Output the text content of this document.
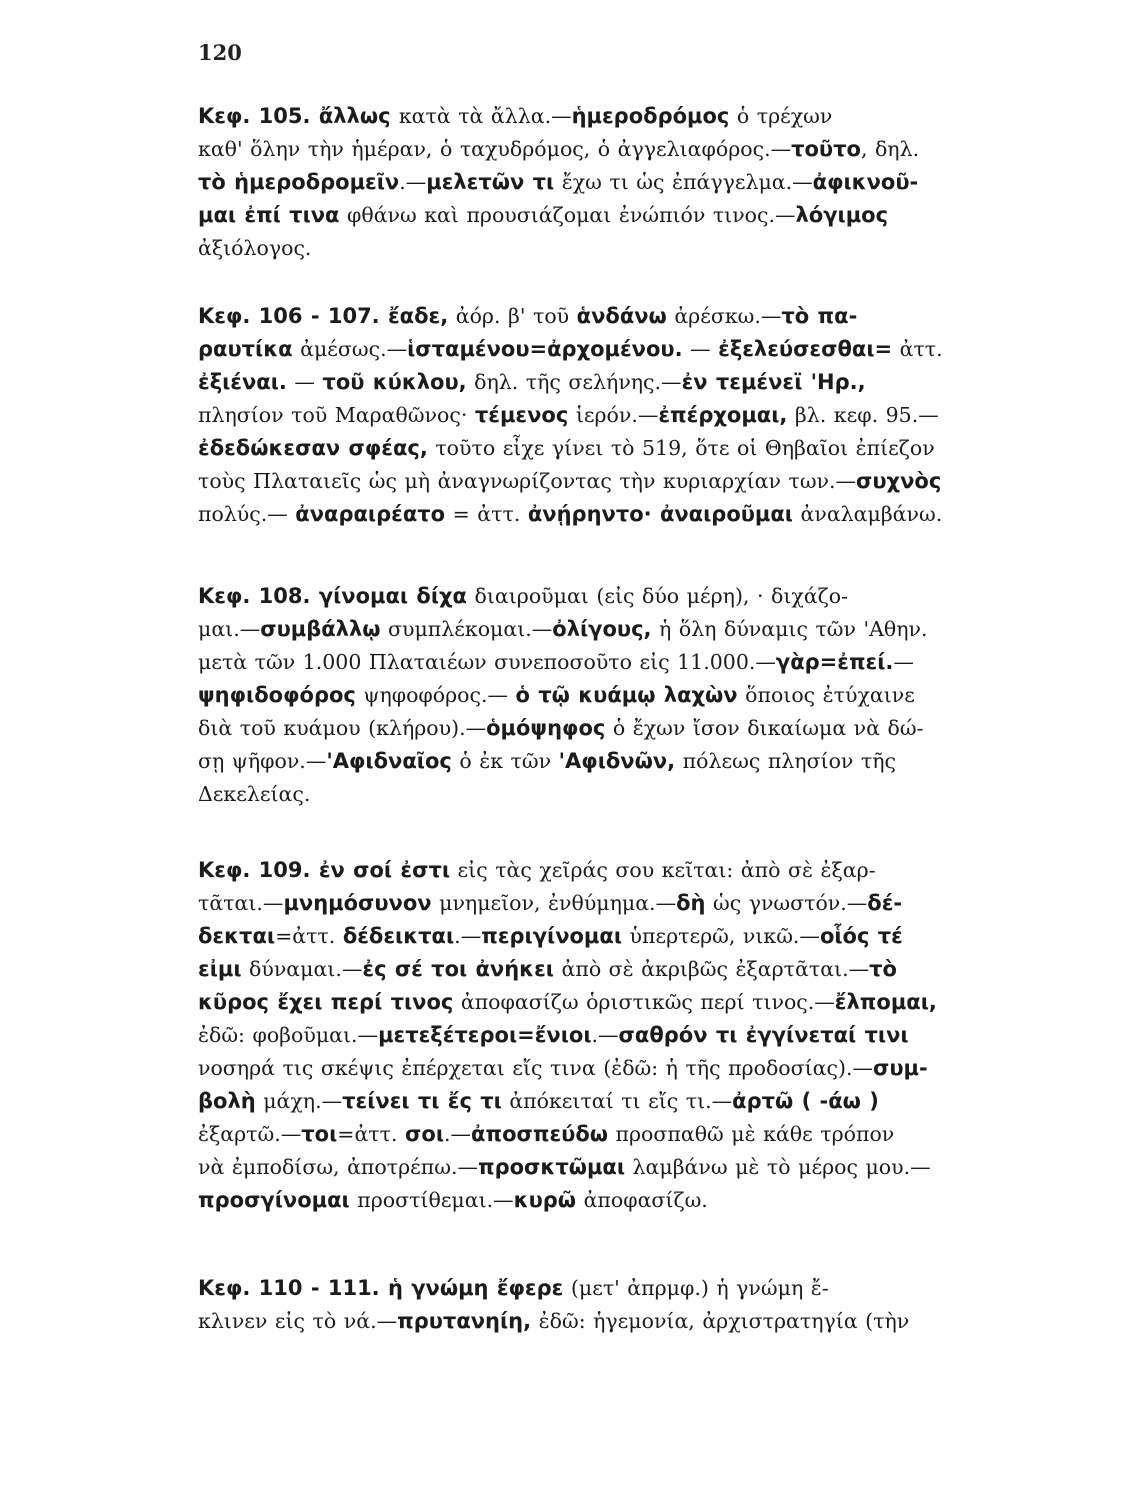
120
Κεφ. 105. ἄλλως κατὰ τὰ ἄλλα.—ἡμεροδρόμος ὁ τρέχων
καθ' ὅλην τὴν ἡμέραν, ὁ ταχυδρόμος, ὁ ἀγγελιαφόρος.—τοῦτο, δηλ.
τὸ ἡμεροδρομεῖν.—μελετῶν τι ἔχω τι ὡς ἐπάγγελμα.—ἀφικνοῦ-
μαι ἐπί τινα φθάνω καὶ προυσιάζομαι ἐνώπιόν τινος.—λόγιμος
ἀξιόλογος.
Κεφ. 106 - 107. ἔαδε, ἀόρ. β' τοῦ ἁνδάνω ἀρέσκω.—τὸ πα-
ραυτίκα ἀμέσως.—ἱσταμένου=ἀρχομένου. — ἐξελεύσεσθαι= ἀττ.
ἐξιέναι. — τοῦ κύκλου, δηλ. τῆς σελήνης.—ἐν τεμένεϊ 'Ηρ.,
πλησίον τοῦ Μαραθῶνος· τέμενος ἱερόν.—ἐπέρχομαι, βλ. κεφ. 95.—
ἐδεδώκεσαν σφέας, τοῦτο εἶχε γίνει τὸ 519, ὅτε οἱ Θηβαῖοι ἐπίεζον
τοὺς Πλαταιεῖς ὡς μὴ ἀναγνωρίζοντας τὴν κυριαρχίαν των.—συχνὸς
πολύς.— ἀναραιρέατο = ἀττ. ἀνῄρηντο· ἀναιροῦμαι ἀναλαμβάνω.
Κεφ. 108. γίνομαι δίχα διαιροῦμαι (εἰς δύο μέρη), · διχάζο-
μαι.—συμβάλλῳ συμπλέκομαι.—ὀλίγους, ἡ ὅλη δύναμις τῶν 'Αθην.
μετὰ τῶν 1.000 Πλαταιέων συνεποσοῦτο εἰς 11.000.—γὰρ=ἐπεί.—
ψηφιδοφόρος ψηφοφόρος.— ὁ τῷ κυάμῳ λαχὼν ὅποιος ἐτύχαινε
διὰ τοῦ κυάμου (κλήρου).—ὁμόψηφος ὁ ἔχων ἴσον δικαίωμα νὰ δώ-
σῃ ψῆφον.—'Αφιδναῖος ὁ ἐκ τῶν 'Αφιδνῶν, πόλεως πλησίον τῆς
Δεκελείας.
Κεφ. 109. ἐν σοί ἐστι εἰς τὰς χεῖράς σου κεῖται: ἀπὸ σὲ ἐξαρ-
τᾶται.—μνημόσυνον μνημεῖον, ἐνθύμημα.—δὴ ὡς γνωστόν.—δέ-
δεκται=ἀττ. δέδεικται.—περιγίνομαι ὑπερτερῶ, νικῶ.—οἷός τέ
εἰμι δύναμαι.—ἐς σέ τοι ἀνήκει ἀπὸ σὲ ἀκριβῶς ἐξαρτᾶται.—τὸ
κῦρος ἔχει περί τινος ἀποφασίζω ὁριστικῶς περί τινος.—ἔλπομαι,
ἐδῶ: φοβοῦμαι.—μετεξέτεροι=ἔνιοι.—σαθρόν τι ἐγγίνεταί τινι
νοσηρά τις σκέψις ἐπέρχεται εἴς τινα (ἐδῶ: ἡ τῆς προδοσίας).—συμ-
βολὴ μάχη.—τείνει τι ἔς τι ἀπόκειταί τι εἴς τι.—ἀρτῶ ( -άω )
ἐξαρτῶ.—τοι=ἀττ. σοι.—ἀποσπεύδω προσπαθῶ μὲ κάθε τρόπον
νὰ ἐμποδίσω, ἀποτρέπω.—προσκτῶμαι λαμβάνω μὲ τὸ μέρος μου.—
προσγίνομαι προστίθεμαι.—κυρῶ ἀποφασίζω.
Κεφ. 110 - 111. ἡ γνώμη ἔφερε (μετ' ἀπρμφ.) ἡ γνώμη ἔ-
κλινεν εἰς τὸ νά.—πρυτανηίη, ἐδῶ: ἡγεμονία, ἀρχιστρατηγία (τὴν
